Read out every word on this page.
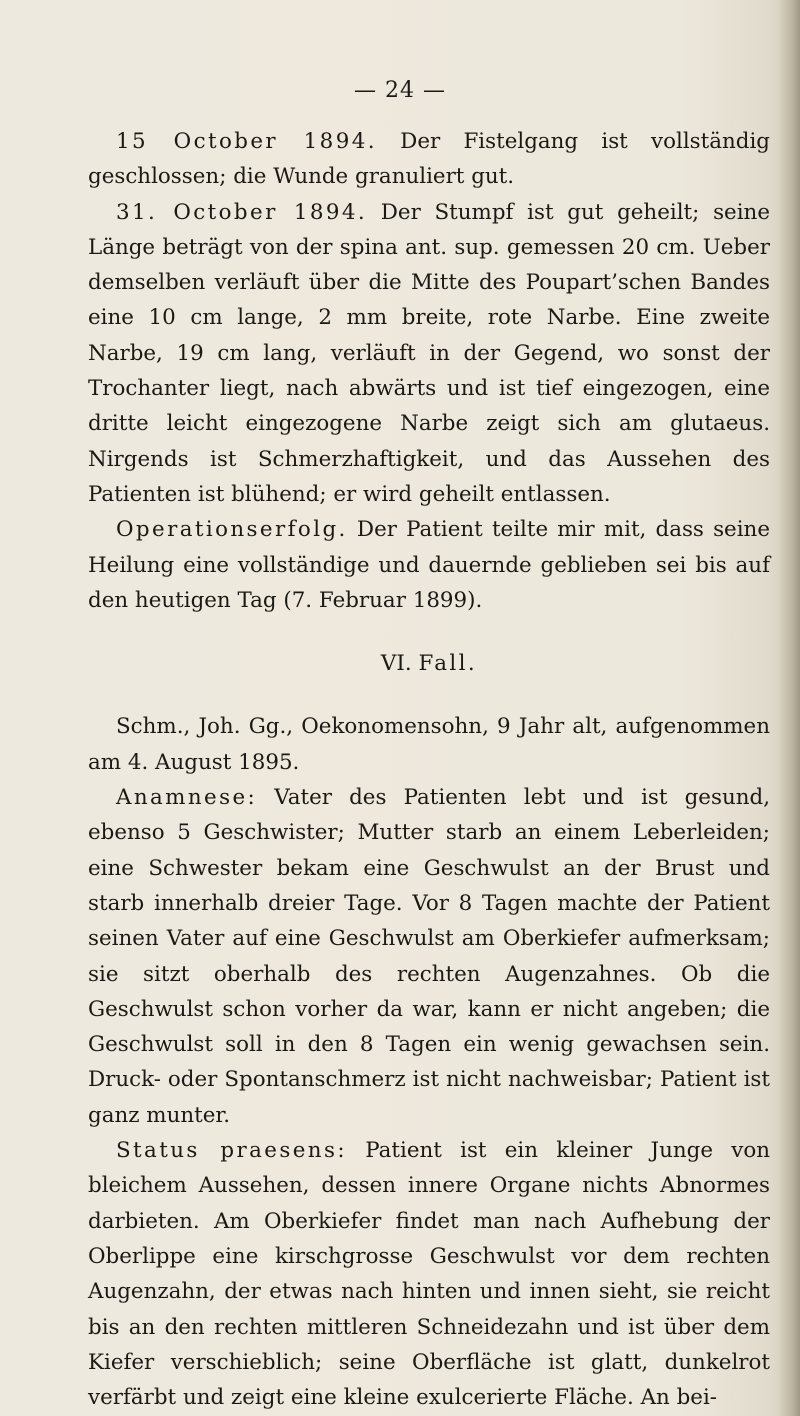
— 24 —

15 October 1894. Der Fistelgang ist vollständig geschlossen; die Wunde granuliert gut.

31. October 1894. Der Stumpf ist gut geheilt; seine Länge beträgt von der spina ant. sup. gemessen 20 cm. Ueber demselben verläuft über die Mitte des Poupart’schen Bandes eine 10 cm lange, 2 mm breite, rote Narbe. Eine zweite Narbe, 19 cm lang, verläuft in der Gegend, wo sonst der Trochanter liegt, nach abwärts und ist tief eingezogen, eine dritte leicht eingezogene Narbe zeigt sich am glutaeus. Nirgends ist Schmerzhaftigkeit, und das Aussehen des Patienten ist blühend; er wird geheilt entlassen.

Operationserfolg. Der Patient teilte mir mit, dass seine Heilung eine vollständige und dauernde geblieben sei bis auf den heutigen Tag (7. Februar 1899).

VI. Fall.

Schm., Joh. Gg., Oekonomensohn, 9 Jahr alt, aufgenommen am 4. August 1895.

Anamnese: Vater des Patienten lebt und ist gesund, ebenso 5 Geschwister; Mutter starb an einem Leberleiden; eine Schwester bekam eine Geschwulst an der Brust und starb innerhalb dreier Tage. Vor 8 Tagen machte der Patient seinen Vater auf eine Geschwulst am Oberkiefer aufmerksam; sie sitzt oberhalb des rechten Augenzahnes. Ob die Geschwulst schon vorher da war, kann er nicht angeben; die Geschwulst soll in den 8 Tagen ein wenig gewachsen sein. Druck- oder Spontanschmerz ist nicht nachweisbar; Patient ist ganz munter.

Status praesens: Patient ist ein kleiner Junge von bleichem Aussehen, dessen innere Organe nichts Abnormes darbieten. Am Oberkiefer findet man nach Aufhebung der Oberlippe eine kirschgrosse Geschwulst vor dem rechten Augenzahn, der etwas nach hinten und innen sieht, sie reicht bis an den rechten mittleren Schneidezahn und ist über dem Kiefer verschieblich; seine Oberfläche ist glatt, dunkelrot verfärbt und zeigt eine kleine exulcerierte Fläche. An bei-
